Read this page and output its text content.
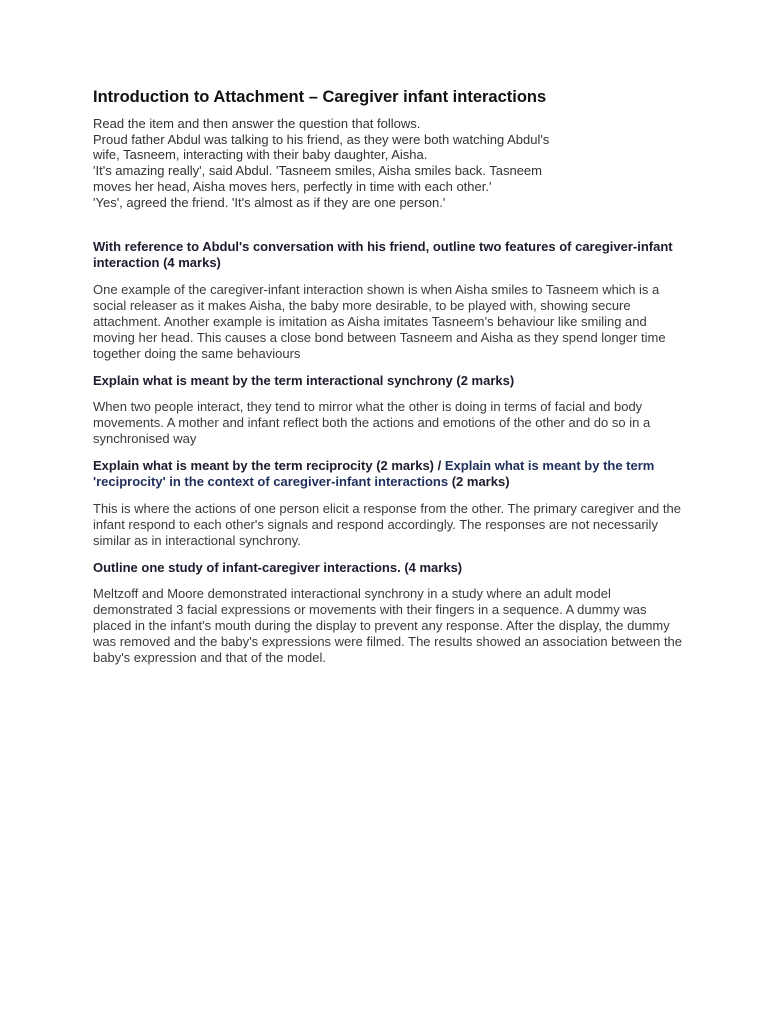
Introduction to Attachment – Caregiver infant interactions

Read the item and then answer the question that follows.
Proud father Abdul was talking to his friend, as they were both watching Abdul's
wife, Tasneem, interacting with their baby daughter, Aisha.
'It's amazing really', said Abdul. 'Tasneem smiles, Aisha smiles back. Tasneem
moves her head, Aisha moves hers, perfectly in time with each other.'
'Yes', agreed the friend. 'It's almost as if they are one person.'

With reference to Abdul's conversation with his friend, outline two features of caregiver-infant interaction (4 marks)

One example of the caregiver-infant interaction shown is when Aisha smiles to Tasneem which is a social releaser as it makes Aisha, the baby more desirable, to be played with, showing secure attachment. Another example is imitation as Aisha imitates Tasneem’s behaviour like smiling and moving her head. This causes a close bond between Tasneem and Aisha as they spend longer time together doing the same behaviours

Explain what is meant by the term interactional synchrony (2 marks)

When two people interact, they tend to mirror what the other is doing in terms of facial and body movements. A mother and infant reflect both the actions and emotions of the other and do so in a synchronised way

Explain what is meant by the term reciprocity (2 marks) / Explain what is meant by the term 'reciprocity' in the context of caregiver-infant interactions (2 marks)

This is where the actions of one person elicit a response from the other. The primary caregiver and the infant respond to each other's signals and respond accordingly. The responses are not necessarily similar as in interactional synchrony.

Outline one study of infant-caregiver interactions. (4 marks)

Meltzoff and Moore demonstrated interactional synchrony in a study where an adult model demonstrated 3 facial expressions or movements with their fingers in a sequence. A dummy was placed in the infant's mouth during the display to prevent any response. After the display, the dummy was removed and the baby's expressions were filmed. The results showed an association between the baby's expression and that of the model.
